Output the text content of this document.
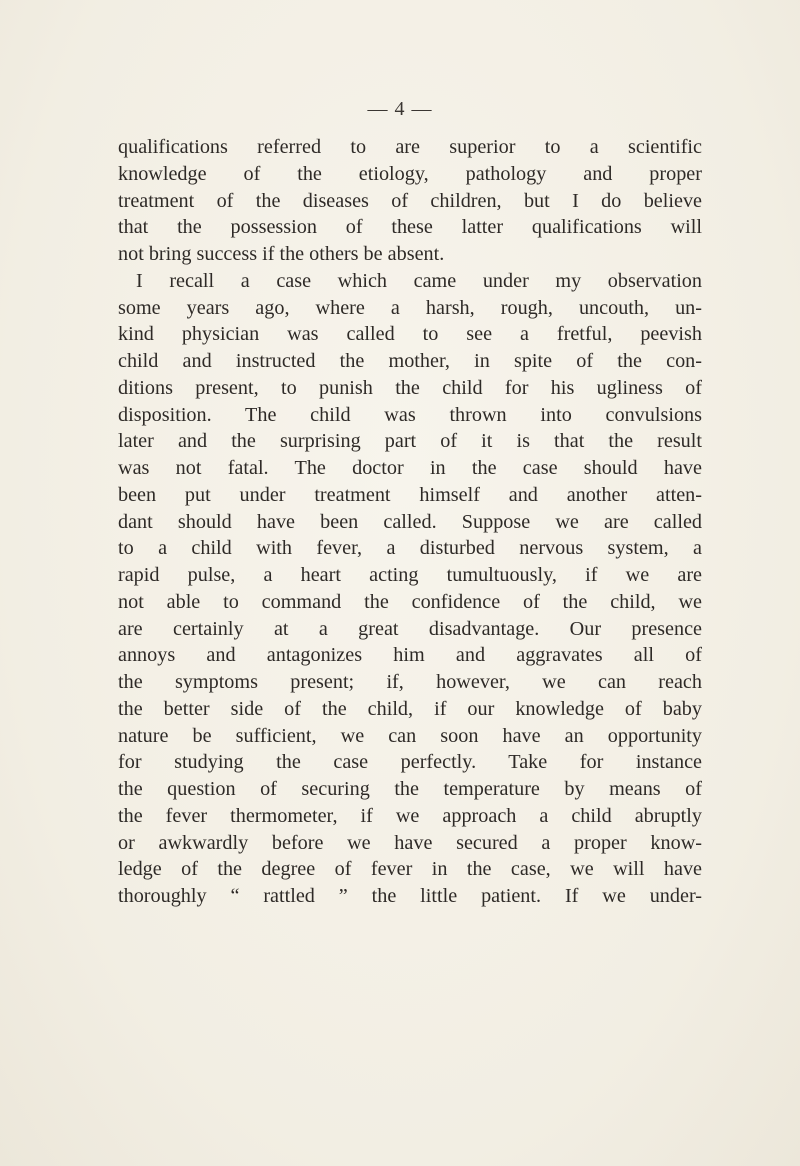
— 4 —
qualifications referred to are superior to a scientific
knowledge of the etiology, pathology and proper
treatment of the diseases of children, but I do believe
that the possession of these latter qualifications will
not bring success if the others be absent.
I recall a case which came under my observation
some years ago, where a harsh, rough, uncouth, un-
kind physician was called to see a fretful, peevish
child and instructed the mother, in spite of the con-
ditions present, to punish the child for his ugliness of
disposition. The child was thrown into convulsions
later and the surprising part of it is that the result
was not fatal. The doctor in the case should have
been put under treatment himself and another atten-
dant should have been called. Suppose we are called
to a child with fever, a disturbed nervous system, a
rapid pulse, a heart acting tumultuously, if we are
not able to command the confidence of the child, we
are certainly at a great disadvantage. Our presence
annoys and antagonizes him and aggravates all of
the symptoms present; if, however, we can reach
the better side of the child, if our knowledge of baby
nature be sufficient, we can soon have an opportunity
for studying the case perfectly. Take for instance
the question of securing the temperature by means of
the fever thermometer, if we approach a child abruptly
or awkwardly before we have secured a proper know-
ledge of the degree of fever in the case, we will have
thoroughly “ rattled ” the little patient. If we under-
